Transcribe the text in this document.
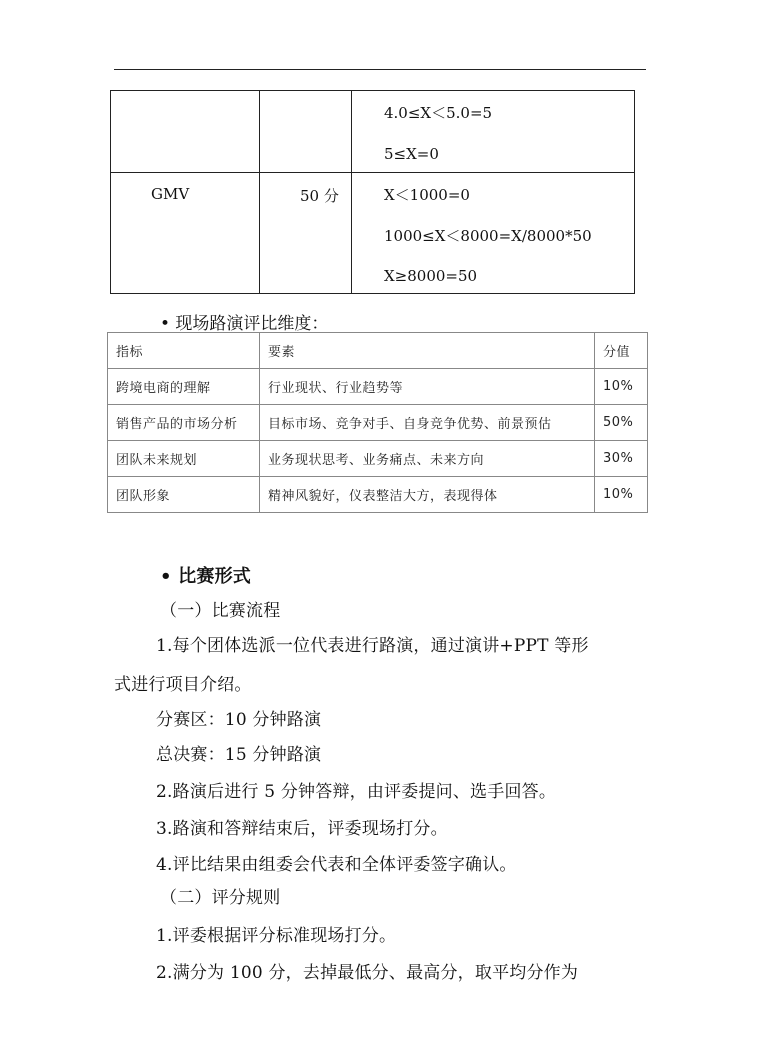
		4.0≤X＜5.0=5
5≤X=0

GMV	50 分	X＜1000=0
1000≤X＜8000=X/8000*50
X≥8000=50
• 现场路演评比维度：
指标	要素	分值
跨境电商的理解	行业现状、行业趋势等	10%
销售产品的市场分析	目标市场、竞争对手、自身竞争优势、前景预估	50%
团队未来规划	业务现状思考、业务痛点、未来方向	30%
团队形象	精神风貌好，仪表整洁大方，表现得体	10%
• 比赛形式
（一）比赛流程
1.每个团体选派一位代表进行路演，通过演讲+PPT 等形
式进行项目介绍。
分赛区：10 分钟路演
总决赛：15 分钟路演
2.路演后进行 5 分钟答辩，由评委提问、选手回答。
3.路演和答辩结束后，评委现场打分。
4.评比结果由组委会代表和全体评委签字确认。
（二）评分规则
1.评委根据评分标准现场打分。
2.满分为 100 分，去掉最低分、最高分，取平均分作为
